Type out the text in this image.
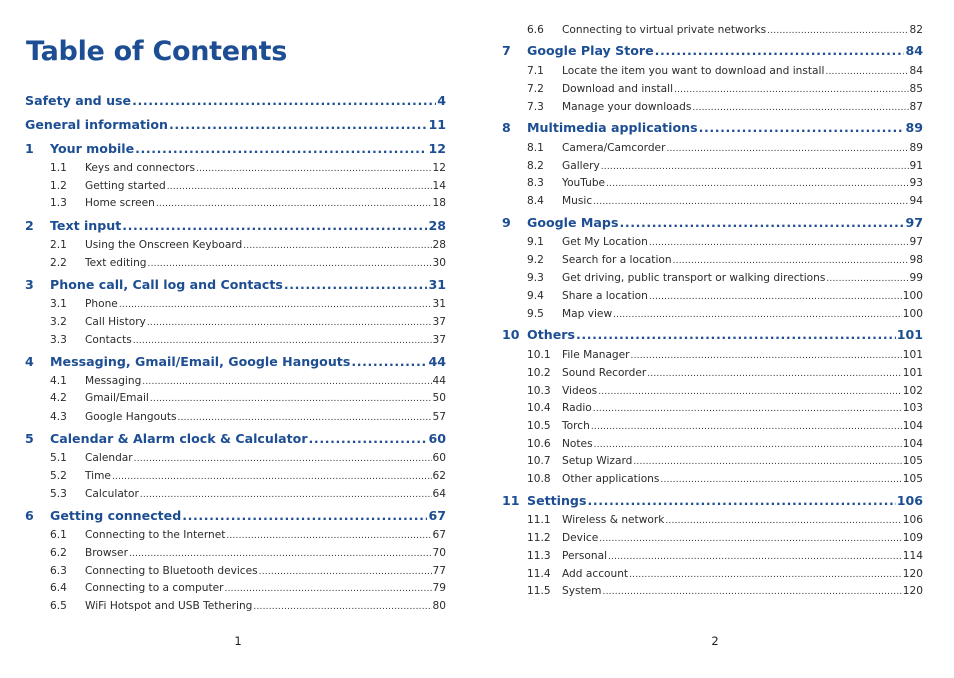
Table of Contents
Safety and use .....	4
General information .....	11
1	Your mobile .....	12
1.1	Keys and connectors .....	12
1.2	Getting started .....	14
1.3	Home screen .....	18
2	Text input .....	28
2.1	Using the Onscreen Keyboard .....	28
2.2	Text editing .....	30
3	Phone call, Call log and Contacts .....	31
3.1	Phone .....	31
3.2	Call History .....	37
3.3	Contacts .....	37
4	Messaging, Gmail/Email, Google Hangouts .....	44
4.1	Messaging .....	44
4.2	Gmail/Email .....	50
4.3	Google Hangouts .....	57
5	Calendar & Alarm clock & Calculator .....	60
5.1	Calendar .....	60
5.2	Time .....	62
5.3	Calculator .....	64
6	Getting connected .....	67
6.1	Connecting to the Internet .....	67
6.2	Browser .....	70
6.3	Connecting to Bluetooth devices .....	77
6.4	Connecting to a computer .....	79
6.5	WiFi Hotspot and USB Tethering .....	80
1
6.6	Connecting to virtual private networks .....	82
7	Google Play Store .....	84
7.1	Locate the item you want to download and install .....	84
7.2	Download and install .....	85
7.3	Manage your downloads .....	87
8	Multimedia applications .....	89
8.1	Camera/Camcorder .....	89
8.2	Gallery .....	91
8.3	YouTube .....	93
8.4	Music .....	94
9	Google Maps .....	97
9.1	Get My Location .....	97
9.2	Search for a location .....	98
9.3	Get driving, public transport or walking directions .....	99
9.4	Share a location .....	100
9.5	Map view .....	100
10 Others .....	101
10.1	File Manager .....	101
10.2	Sound Recorder .....	101
10.3	Videos .....	102
10.4	Radio .....	103
10.5	Torch .....	104
10.6	Notes .....	104
10.7	Setup Wizard .....	105
10.8	Other applications .....	105
11 Settings .....	106
11.1	Wireless & network .....	106
11.2	Device .....	109
11.3	Personal .....	114
11.4	Add account .....	120
11.5	System .....	120
2
